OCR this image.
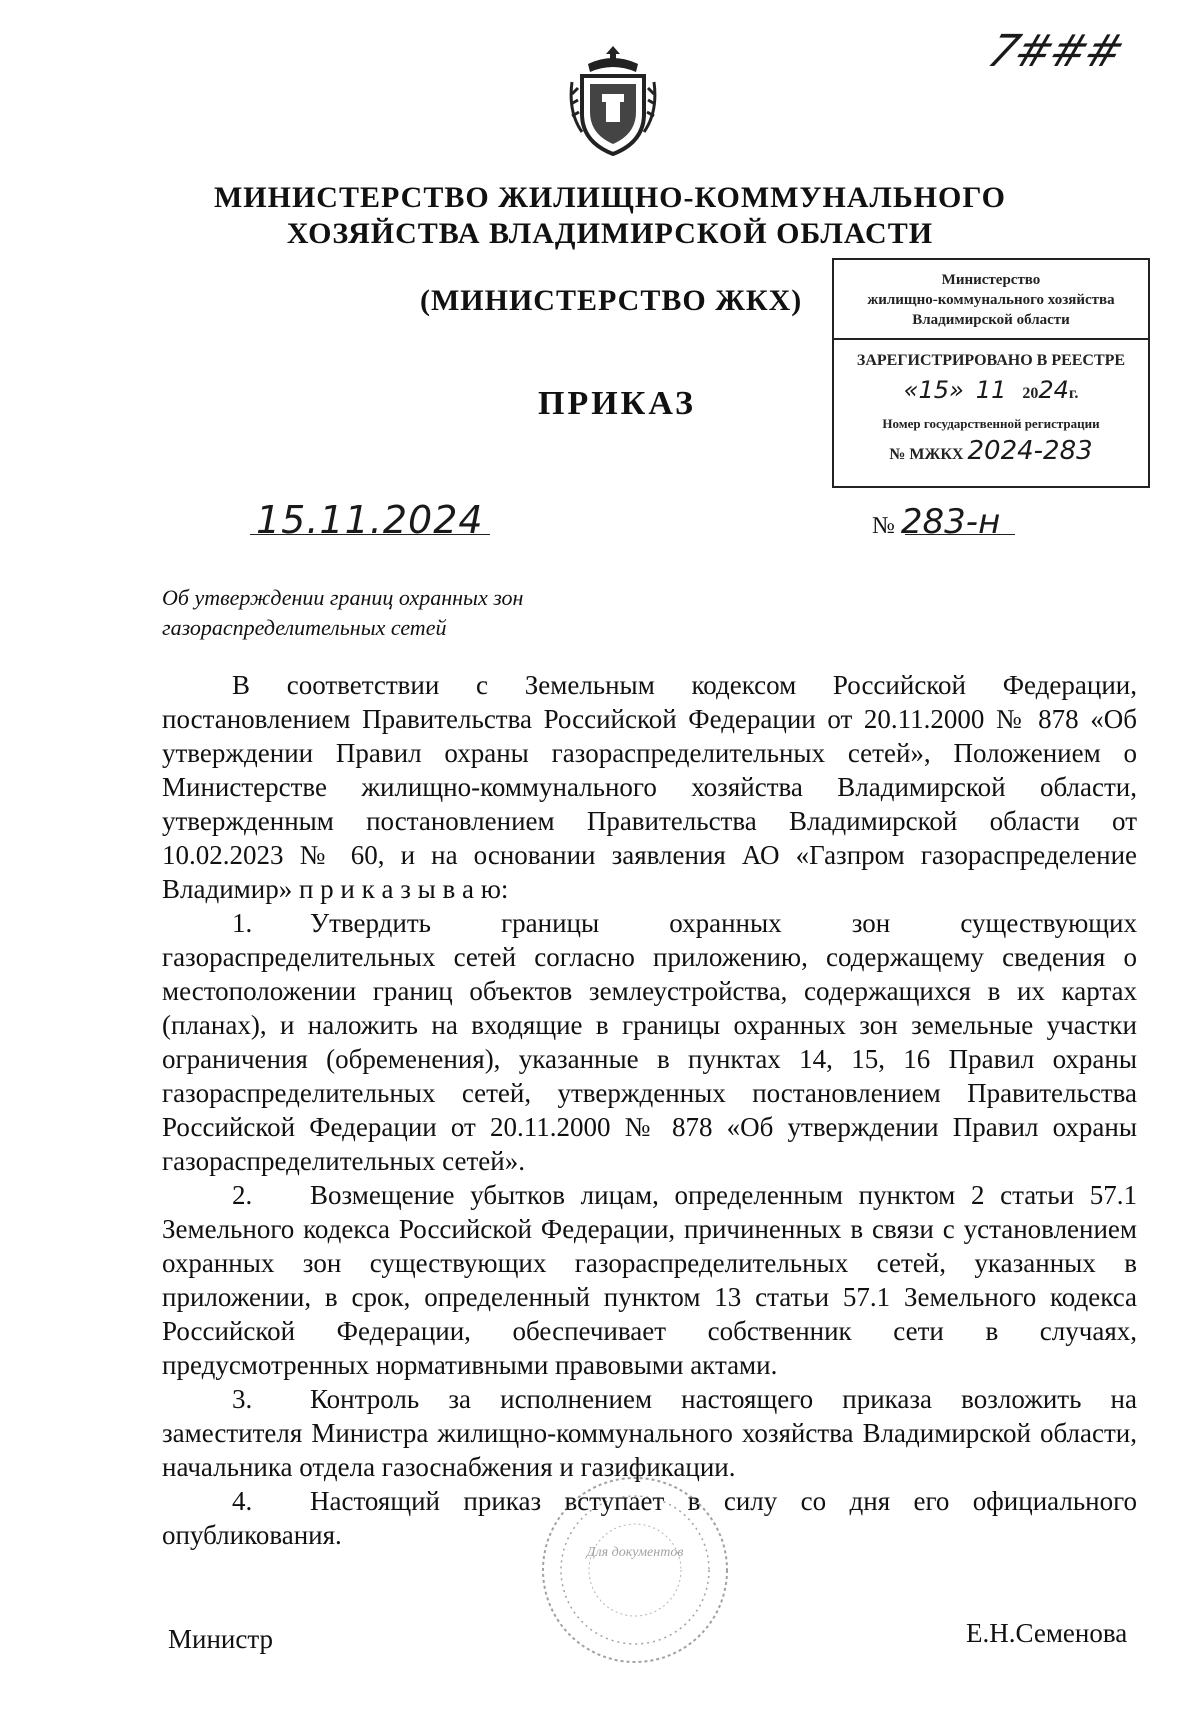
7###
МИНИСТЕРСТВО ЖИЛИЩНО-КОММУНАЛЬНОГО
ХОЗЯЙСТВА ВЛАДИМИРСКОЙ ОБЛАСТИ
(МИНИСТЕРСТВО ЖКХ)
ПРИКАЗ
Министерство
жилищно-коммунального хозяйства
Владимирской области
ЗАРЕГИСТРИРОВАНО В РЕЕСТРЕ
«15» 11 2024г.
Номер государственной регистрации
№ МЖКХ 2024-283
15.11.2024	№ 283-н
Об утверждении границ охранных зон
газораспределительных сетей

В соответствии с Земельным кодексом Российской Федерации, постановлением Правительства Российской Федерации от 20.11.2000 № 878 «Об утверждении Правил охраны газораспределительных сетей», Положением о Министерстве жилищно-коммунального хозяйства Владимирской области, утвержденным постановлением Правительства Владимирской области от 10.02.2023 № 60, и на основании заявления АО «Газпром газораспределение Владимир» п р и к а з ы в а ю:

1. Утвердить границы охранных зон существующих газораспределительных сетей согласно приложению, содержащему сведения о местоположении границ объектов землеустройства, содержащихся в их картах (планах), и наложить на входящие в границы охранных зон земельные участки ограничения (обременения), указанные в пунктах 14, 15, 16 Правил охраны газораспределительных сетей, утвержденных постановлением Правительства Российской Федерации от 20.11.2000 № 878 «Об утверждении Правил охраны газораспределительных сетей».

2. Возмещение убытков лицам, определенным пунктом 2 статьи 57.1 Земельного кодекса Российской Федерации, причиненных в связи с установлением охранных зон существующих газораспределительных сетей, указанных в приложении, в срок, определенный пунктом 13 статьи 57.1 Земельного кодекса Российской Федерации, обеспечивает собственник сети в случаях, предусмотренных нормативными правовыми актами.

3. Контроль за исполнением настоящего приказа возложить на заместителя Министра жилищно-коммунального хозяйства Владимирской области, начальника отдела газоснабжения и газификации.

4. Настоящий приказ вступает в силу со дня его официального опубликования.

Для документов
Министр	Е.Н.Семенова
